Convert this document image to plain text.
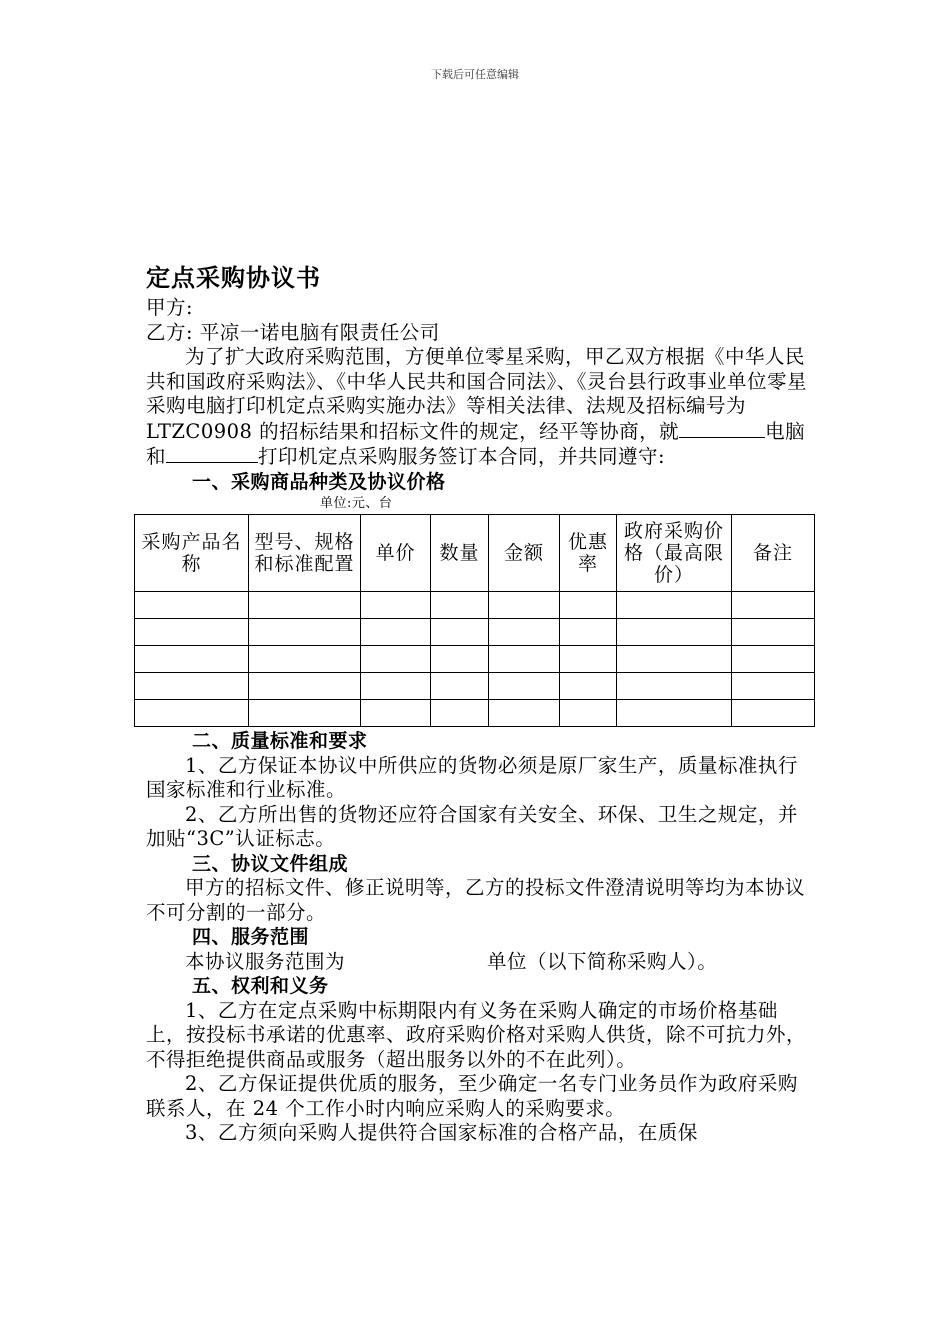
下载后可任意编辑
定点采购协议书

甲方:

乙方: 平凉一诺电脑有限责任公司

为了扩大政府采购范围，方便单位零星采购，甲乙双方根据《中华人民共和国政府采购法》、《中华人民共和国合同法》、《灵台县行政事业单位零星采购电脑打印机定点采购实施办法》等相关法律、法规及招标编号为 LTZC0908 的招标结果和招标文件的规定，经平等协商，就	电脑和	打印机定点采购服务签订本合同，并共同遵守:

一、采购商品种类及协议价格

单位:元、台

采购产品名称	型号、规格和标准配置	单价	数量	金额	优惠率	政府采购价格（最高限价）	备注

二、质量标准和要求

1、乙方保证本协议中所供应的货物必须是原厂家生产，质量标准执行国家标准和行业标准。

2、乙方所出售的货物还应符合国家有关安全、环保、卫生之规定，并加贴“3C”认证标志。

三、协议文件组成

甲方的招标文件、修正说明等，乙方的投标文件澄清说明等均为本协议不可分割的一部分。

四、服务范围

本协议服务范围为	单位（以下简称采购人）。

五、权利和义务

1、乙方在定点采购中标期限内有义务在采购人确定的市场价格基础上，按投标书承诺的优惠率、政府采购价格对采购人供货，除不可抗力外，不得拒绝提供商品或服务（超出服务以外的不在此列）。

2、乙方保证提供优质的服务，至少确定一名专门业务员作为政府采购联系人，在 24 个工作小时内响应采购人的采购要求。

3、乙方须向采购人提供符合国家标准的合格产品，在质保
